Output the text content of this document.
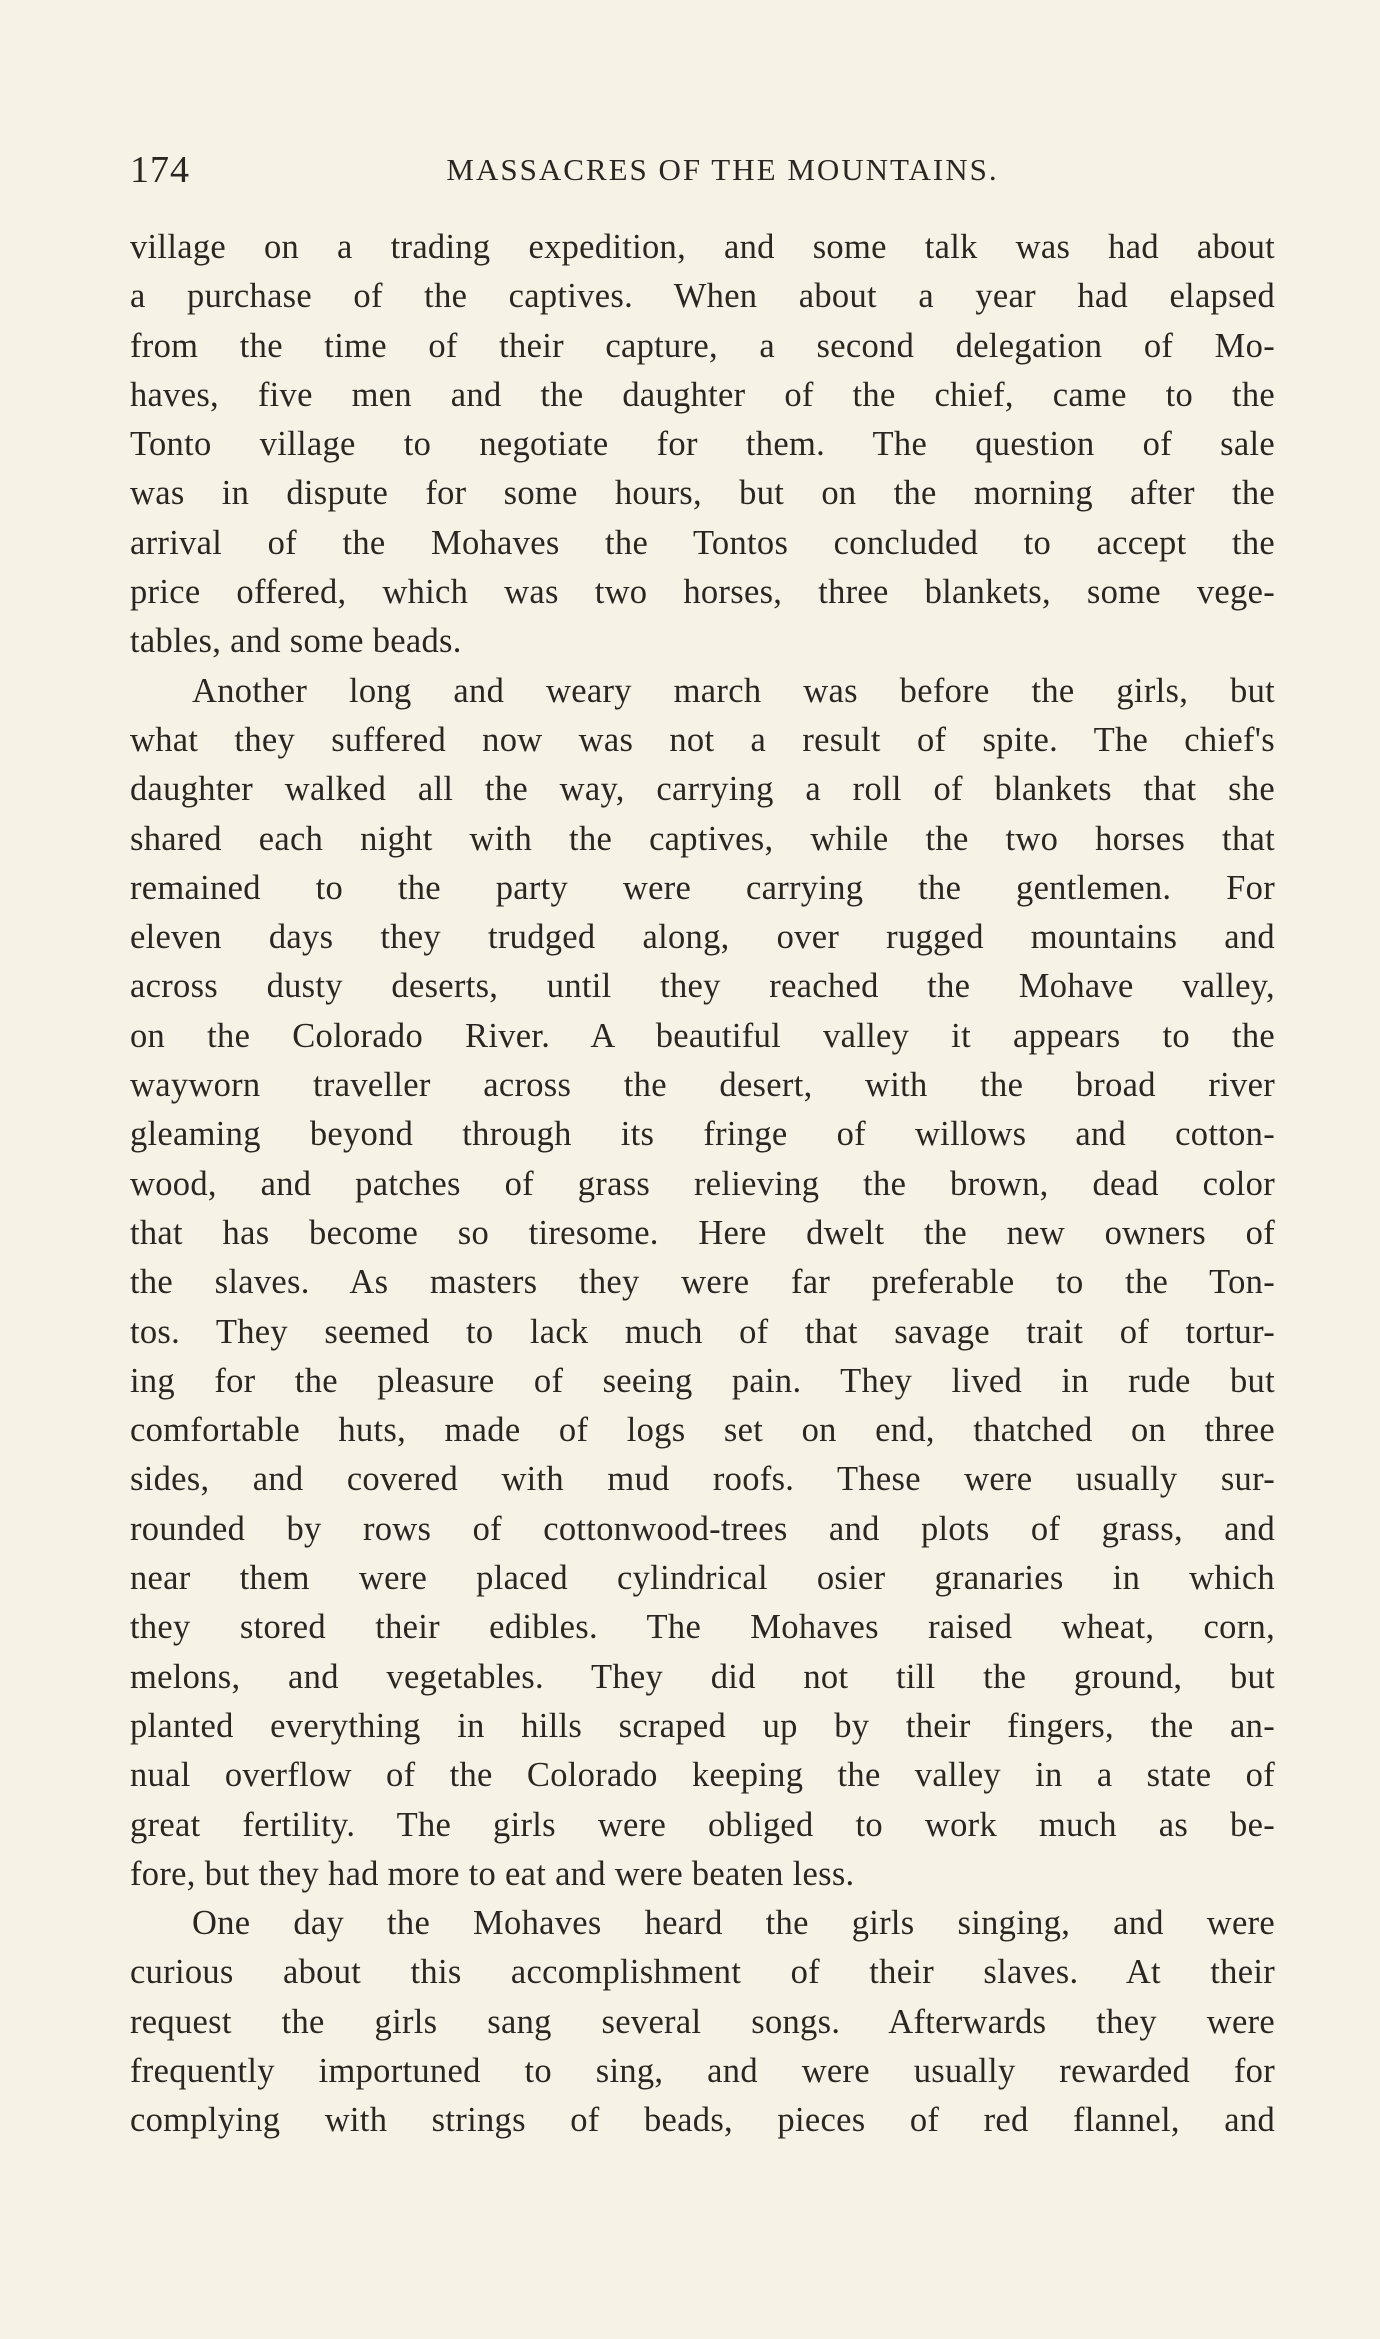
174	MASSACRES OF THE MOUNTAINS.
village on a trading expedition, and some talk was had about
a purchase of the captives. When about a year had elapsed
from the time of their capture, a second delegation of Mo-
haves, five men and the daughter of the chief, came to the
Tonto village to negotiate for them. The question of sale
was in dispute for some hours, but on the morning after the
arrival of the Mohaves the Tontos concluded to accept the
price offered, which was two horses, three blankets, some vege-
tables, and some beads.
Another long and weary march was before the girls, but
what they suffered now was not a result of spite. The chief's
daughter walked all the way, carrying a roll of blankets that she
shared each night with the captives, while the two horses that
remained to the party were carrying the gentlemen. For
eleven days they trudged along, over rugged mountains and
across dusty deserts, until they reached the Mohave valley,
on the Colorado River. A beautiful valley it appears to the
wayworn traveller across the desert, with the broad river
gleaming beyond through its fringe of willows and cotton-
wood, and patches of grass relieving the brown, dead color
that has become so tiresome. Here dwelt the new owners of
the slaves. As masters they were far preferable to the Ton-
tos. They seemed to lack much of that savage trait of tortur-
ing for the pleasure of seeing pain. They lived in rude but
comfortable huts, made of logs set on end, thatched on three
sides, and covered with mud roofs. These were usually sur-
rounded by rows of cottonwood-trees and plots of grass, and
near them were placed cylindrical osier granaries in which
they stored their edibles. The Mohaves raised wheat, corn,
melons, and vegetables. They did not till the ground, but
planted everything in hills scraped up by their fingers, the an-
nual overflow of the Colorado keeping the valley in a state of
great fertility. The girls were obliged to work much as be-
fore, but they had more to eat and were beaten less.
One day the Mohaves heard the girls singing, and were
curious about this accomplishment of their slaves. At their
request the girls sang several songs. Afterwards they were
frequently importuned to sing, and were usually rewarded for
complying with strings of beads, pieces of red flannel, and
